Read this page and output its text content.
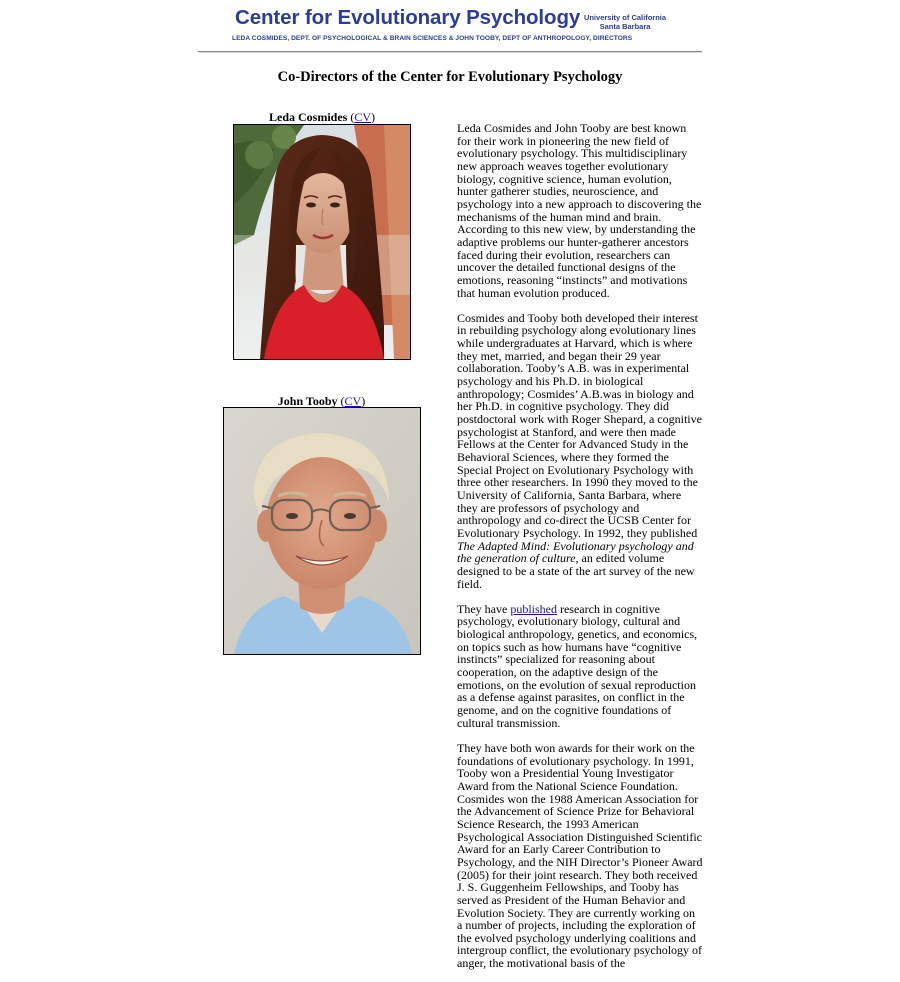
Center for Evolutionary Psychology University of California
Santa Barbara
LEDA COSMIDES, DEPT. OF PSYCHOLOGICAL & BRAIN SCIENCES & JOHN TOOBY, DEPT OF ANTHROPOLOGY, DIRECTORS
Co-Directors of the Center for Evolutionary Psychology
Leda Cosmides (CV)
John Tooby (CV)

Leda Cosmides and John Tooby are best known for their work in pioneering the new field of evolutionary psychology. This multidisciplinary new approach weaves together evolutionary biology, cognitive science, human evolution, hunter gatherer studies, neuroscience, and psychology into a new approach to discovering the mechanisms of the human mind and brain. According to this new view, by understanding the adaptive problems our hunter-gatherer ancestors faced during their evolution, researchers can uncover the detailed functional designs of the emotions, reasoning “instincts” and motivations that human evolution produced.

Cosmides and Tooby both developed their interest in rebuilding psychology along evolutionary lines while undergraduates at Harvard, which is where they met, married, and began their 29 year collaboration. Tooby’s A.B. was in experimental psychology and his Ph.D. in biological anthropology; Cosmides’ A.B.was in biology and her Ph.D. in cognitive psychology. They did postdoctoral work with Roger Shepard, a cognitive psychologist at Stanford, and were then made Fellows at the Center for Advanced Study in the Behavioral Sciences, where they formed the Special Project on Evolutionary Psychology with three other researchers. In 1990 they moved to the University of California, Santa Barbara, where they are professors of psychology and anthropology and co-direct the UCSB Center for Evolutionary Psychology. In 1992, they published The Adapted Mind: Evolutionary psychology and the generation of culture, an edited volume designed to be a state of the art survey of the new field.

They have published research in cognitive psychology, evolutionary biology, cultural and biological anthropology, genetics, and economics, on topics such as how humans have “cognitive instincts” specialized for reasoning about cooperation, on the adaptive design of the emotions, on the evolution of sexual reproduction as a defense against parasites, on conflict in the genome, and on the cognitive foundations of cultural transmission.

They have both won awards for their work on the foundations of evolutionary psychology. In 1991, Tooby won a Presidential Young Investigator Award from the National Science Foundation. Cosmides won the 1988 American Association for the Advancement of Science Prize for Behavioral Science Research, the 1993 American Psychological Association Distinguished Scientific Award for an Early Career Contribution to Psychology, and the NIH Director’s Pioneer Award (2005) for their joint research. They both received J. S. Guggenheim Fellowships, and Tooby has served as President of the Human Behavior and Evolution Society. They are currently working on a number of projects, including the exploration of the evolved psychology underlying coalitions and intergroup conflict, the evolutionary psychology of anger, the motivational basis of the
